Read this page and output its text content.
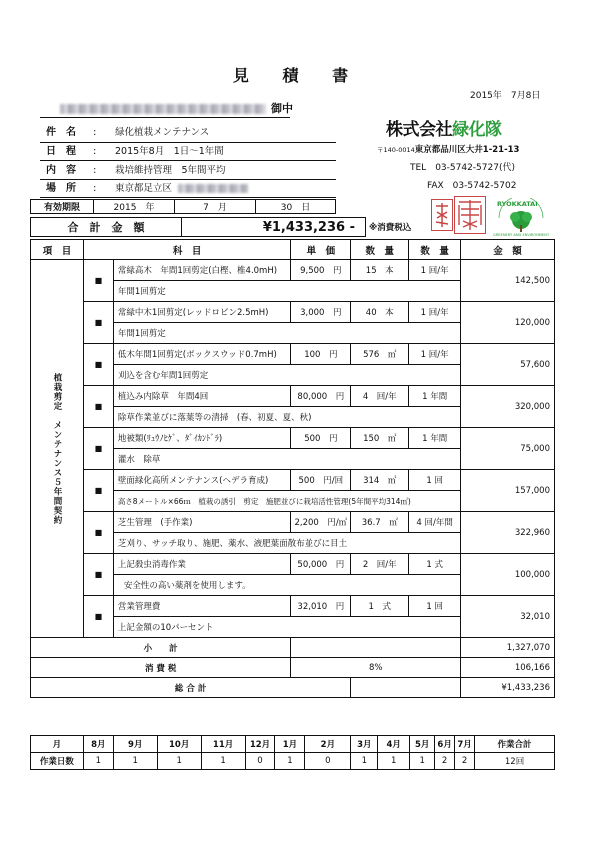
見 積 書
2015年　7月8日
御中
件　名 : 緑化植栽メンテナンス
日　程 : 2015年8月　1日～1年間
内　容 : 栽培維持管理　5年間平均
場　所 : 東京都足立区
有効期限	2015　年	7　月	30　日
合　計　金　額	¥1,433,236 - ※消費税込
株式会社緑化隊
〒140-0014東京都品川区大井1-21-13
TEL　03-5742-5727(代)
FAX　03-5742-5702
RYOKKATAI
GREENERY AND ENVIRONMENT
項　目	科　目		単　価	数　量	数　量	金　額

植栽剪定　メンテナンス５年間契約	■	常緑高木　年間1回剪定(白樫、椎4.0mH)	9,500　 円	15　 本	1 回/年	142,500
		年間1回剪定				
	■	常緑中木1回剪定(レッドロビン2.5mH)	3,000　 円	40　 本	1 回/年	120,000
		年間1回剪定				
	■	低木年間1回剪定(ボックスウッド0.7mH)	100　 円	576　 ㎡	1 回/年	57,600
		刈込を含む年間1回剪定				
	■	植込み内除草　年間4回	80,000　 円	4　 回/年	1 年間	320,000
		除草作業並びに落葉等の清掃　(春、初夏、夏、秋)				
	■	地被類(ﾘｭｳﾉﾋｹﾞ、ﾀﾞｲｶﾝﾄﾞﾗ)	500　 円	150　 ㎡	1 年間	75,000
		灌水　除草				
	■	壁面緑化高所メンテナンス(ヘデラ育成)	500　 円/回	314　 ㎡	1 回	157,000
		高さ8メートル×66ｍ　植栽の誘引　剪定　施肥並びに栽培活性管理(5年間平均314㎡)				
	■	芝生管理　(手作業)	2,200　 円/㎡	36.7　 ㎡	4 回/年間	322,960
		芝刈り、サッチ取り、施肥、薬水、液肥葉面散布並びに目土				
	■	上記殺虫消毒作業	50,000　 円	2　 回/年	1 式	100,000
		安全性の高い薬剤を使用します。				
	■	営業管理費	32,010　 円	1　 式	1 回	32,010
		上記金額の10パーセント				
小　　計						1,327,070
消 費 税			8%			106,166
総 合 計						¥1,433,236
月	8月	9月	10月	11月	12月	1月	2月	3月	4月	5月	6月	7月	作業合計
作業日数	1	1	1	1	0	1	0	1	1	1	2	2	12回
